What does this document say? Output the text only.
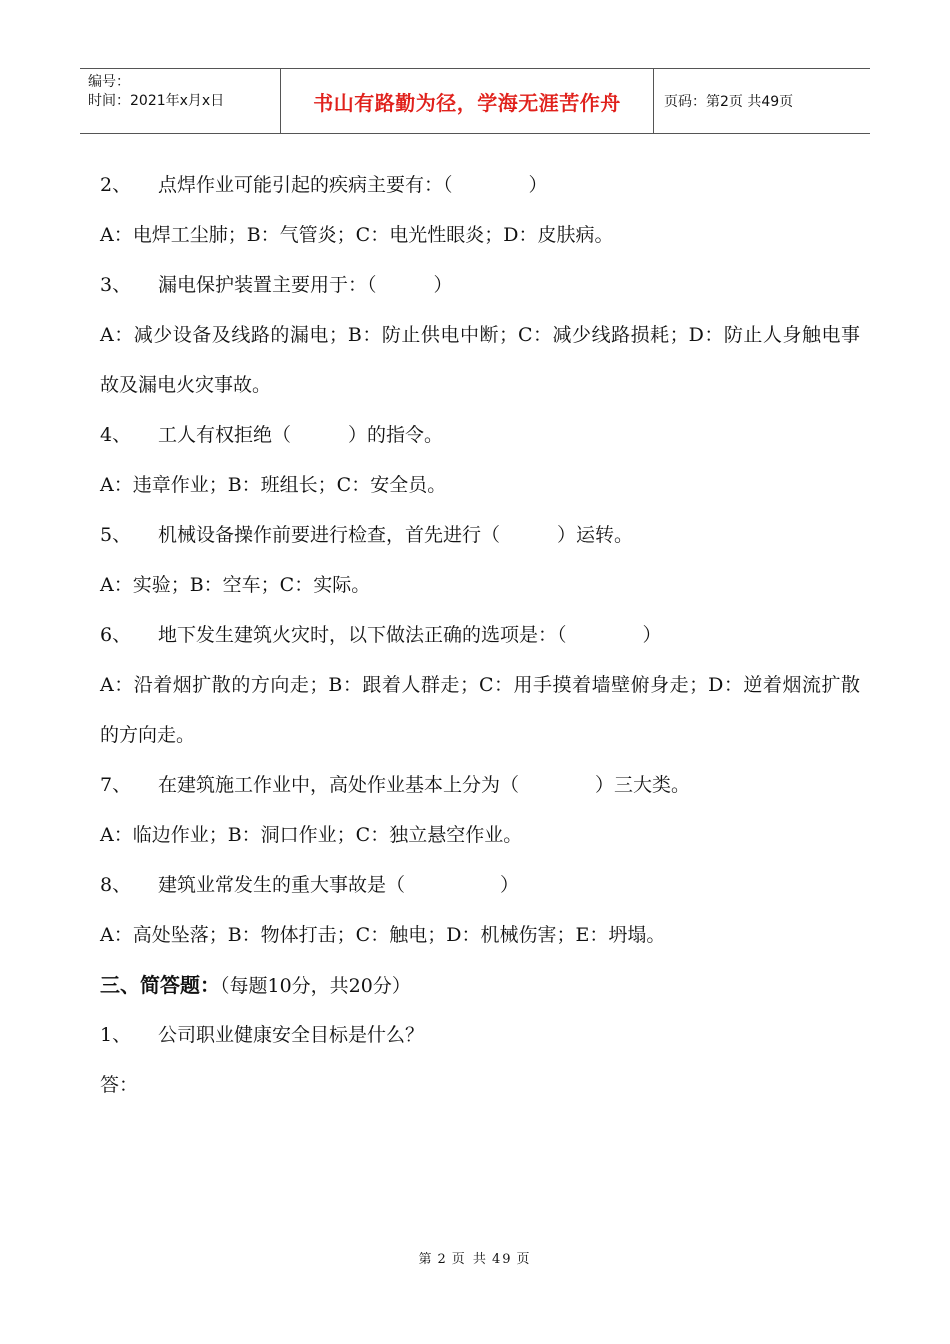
编号：
时间：2021年x月x日	书山有路勤为径，学海无涯苦作舟	页码：第2页 共49页
2、 点焊作业可能引起的疾病主要有：（　　　　）
A：电焊工尘肺；B：气管炎；C：电光性眼炎；D：皮肤病。
3、 漏电保护装置主要用于：（　　　）
A：减少设备及线路的漏电；B：防止供电中断；C：减少线路损耗；D：防止人身触电事故及漏电火灾事故。
4、 工人有权拒绝（　　　）的指令。
A：违章作业；B：班组长；C：安全员。
5、 机械设备操作前要进行检查，首先进行（　　　）运转。
A：实验；B：空车；C：实际。
6、 地下发生建筑火灾时，以下做法正确的选项是：（　　　　）
A：沿着烟扩散的方向走；B：跟着人群走；C：用手摸着墙壁俯身走；D：逆着烟流扩散的方向走。
7、 在建筑施工作业中，高处作业基本上分为（　　　　）三大类。
A：临边作业；B：洞口作业；C：独立悬空作业。
8、 建筑业常发生的重大事故是（　　　　　）
A：高处坠落；B：物体打击；C：触电；D：机械伤害；E：坍塌。
三、简答题：（每题10分，共20分）
1、 公司职业健康安全目标是什么？
答：
第 2 页 共 49 页
